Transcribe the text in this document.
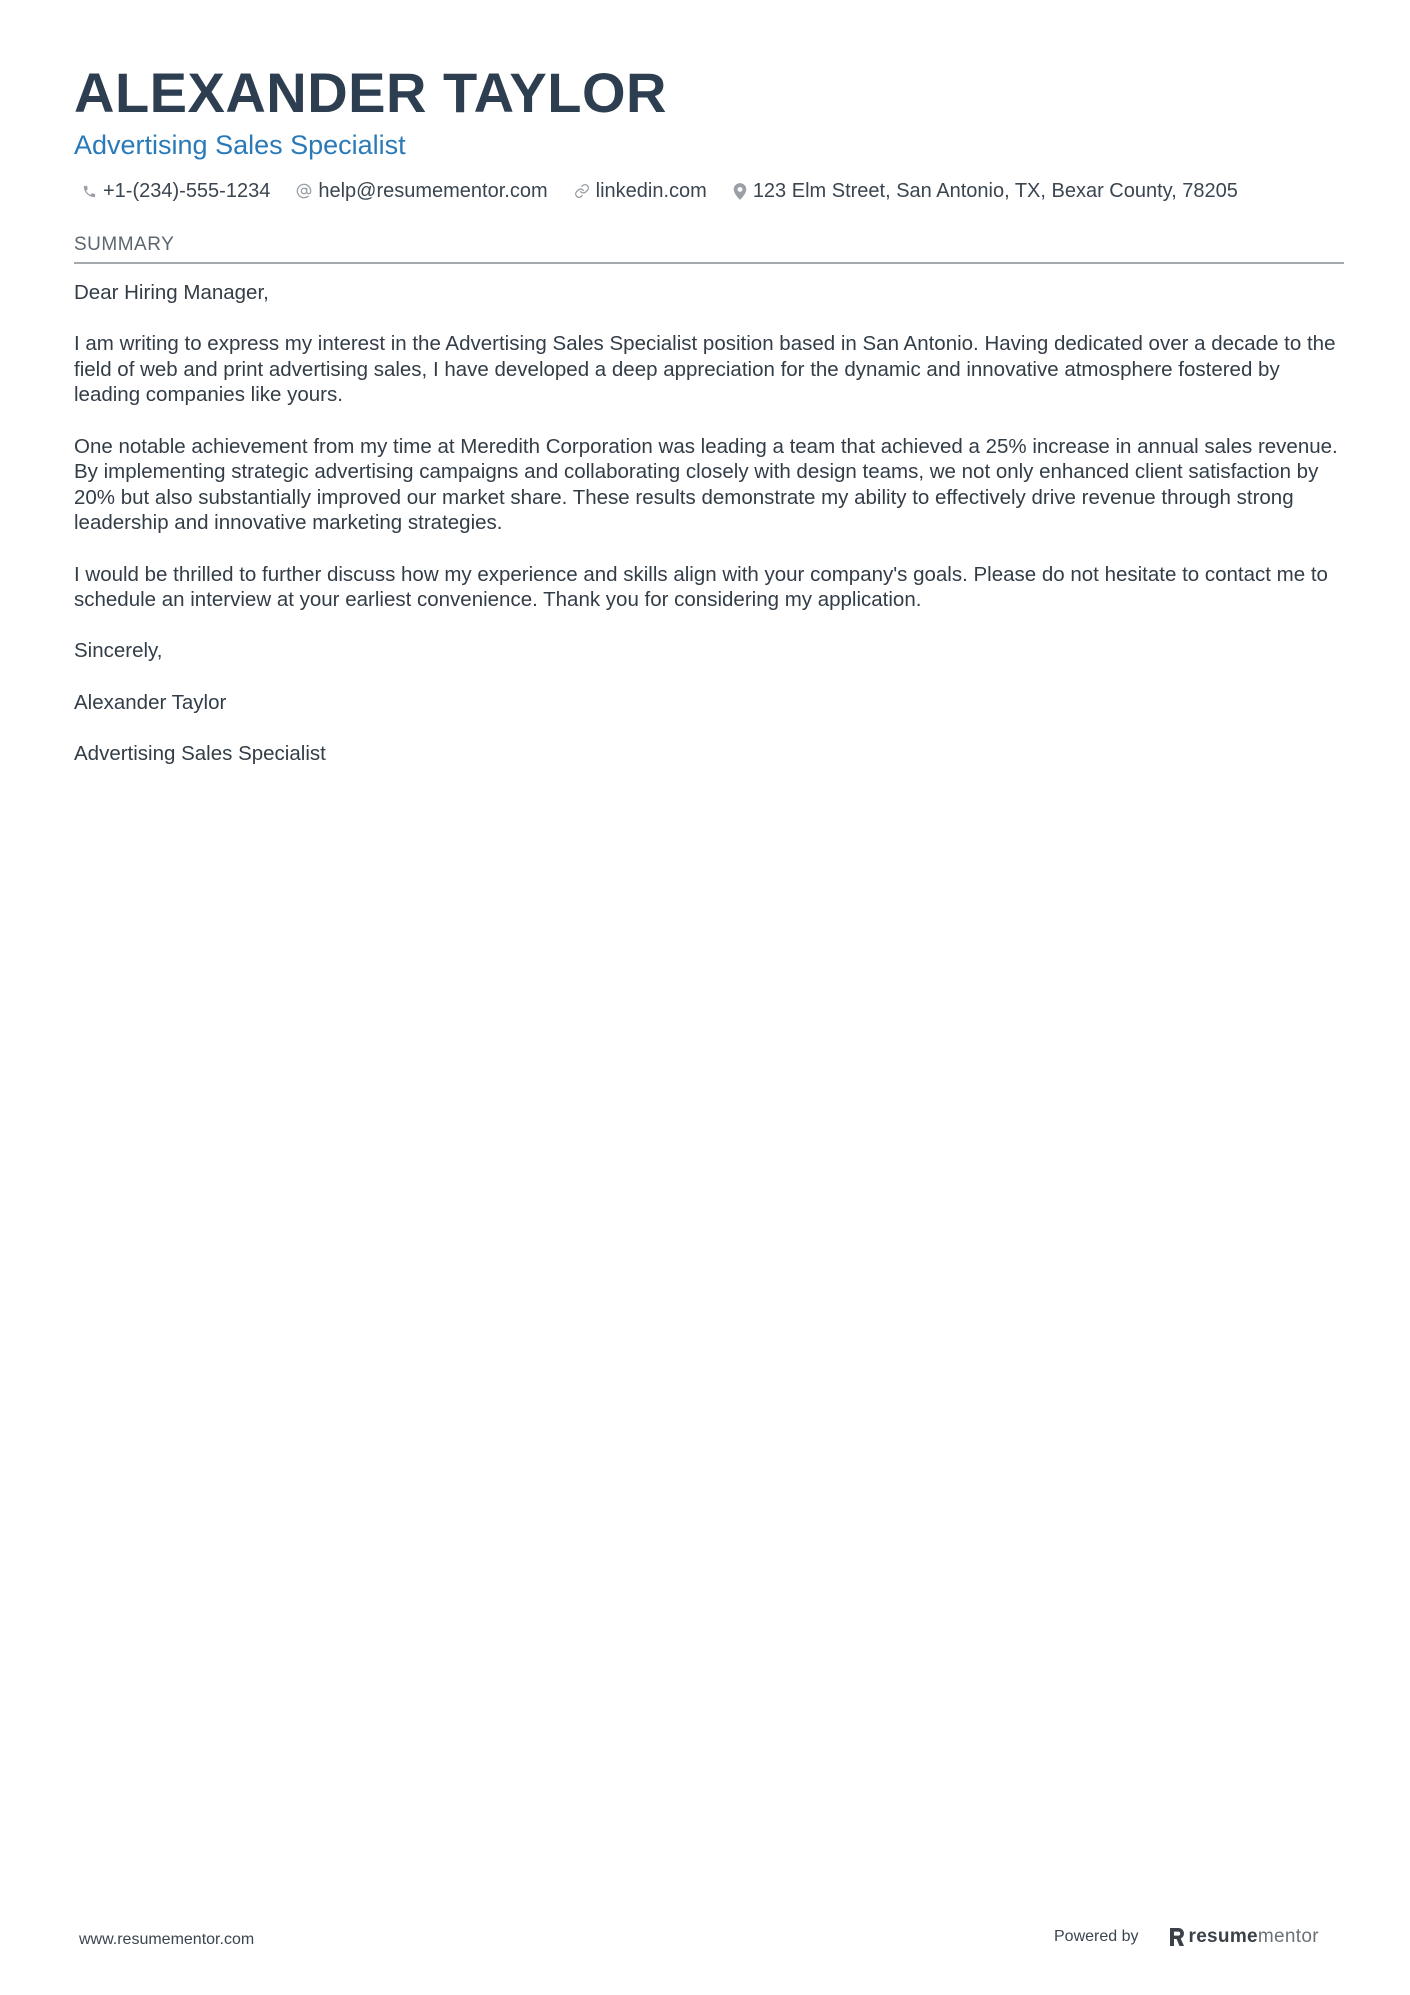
ALEXANDER TAYLOR
Advertising Sales Specialist
+1-(234)-555-1234 help@resumementor.com linkedin.com 123 Elm Street, San Antonio, TX, Bexar County, 78205
SUMMARY

Dear Hiring Manager,

I am writing to express my interest in the Advertising Sales Specialist position based in San Antonio. Having dedicated over a decade to the field of web and print advertising sales, I have developed a deep appreciation for the dynamic and innovative atmosphere fostered by leading companies like yours.

One notable achievement from my time at Meredith Corporation was leading a team that achieved a 25% increase in annual sales revenue. By implementing strategic advertising campaigns and collaborating closely with design teams, we not only enhanced client satisfaction by 20% but also substantially improved our market share. These results demonstrate my ability to effectively drive revenue through strong leadership and innovative marketing strategies.

I would be thrilled to further discuss how my experience and skills align with your company's goals. Please do not hesitate to contact me to schedule an interview at your earliest convenience. Thank you for considering my application.

Sincerely,

Alexander Taylor

Advertising Sales Specialist

www.resumementor.com	Powered by	resume mentor
